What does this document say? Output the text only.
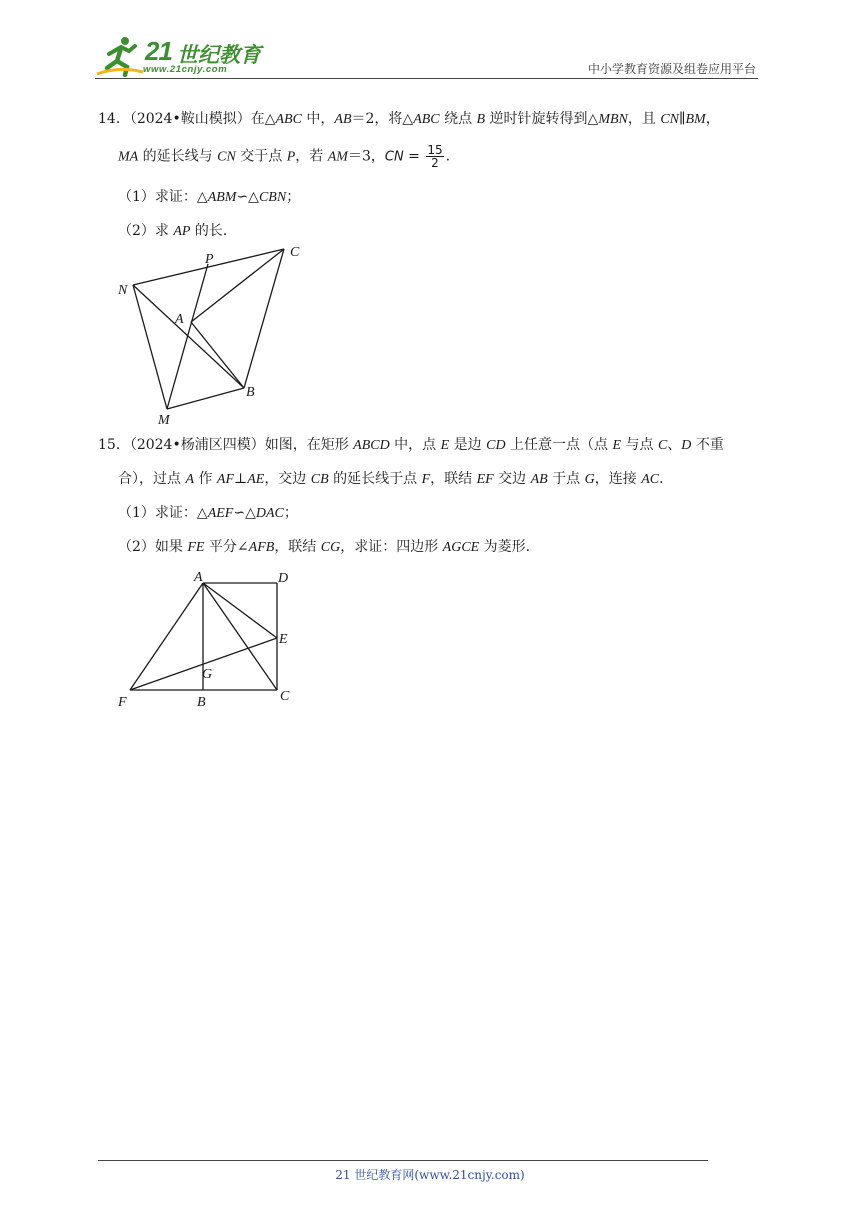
21 世纪教育
www.21cnjy.com	中小学教育资源及组卷应用平台
14．（2024•鞍山模拟）在△ABC 中，AB＝2，将△ABC 绕点 B 逆时针旋转得到△MBN，且 CN∥BM，
MA 的延长线与 CN 交于点 P，若 AM＝3，CN = $\frac{15}{2}$ .
（1）求证：△ABM∽△CBN；
（2）求 AP 的长．
N
P	C
A
B
M
15．（2024•杨浦区四模）如图，在矩形 ABCD 中，点 E 是边 CD 上任意一点（点 E 与点 C、D 不重
合），过点 A 作 AF⊥AE，交边 CB 的延长线于点 F，联结 EF 交边 AB 于点 G，连接 AC．
（1）求证：△AEF∽△DAC；
（2）如果 FE 平分∠AFB，联结 CG，求证：四边形 AGCE 为菱形．
A	D
E
G
F	B	C
21 世纪教育网(www.21cnjy.com)
